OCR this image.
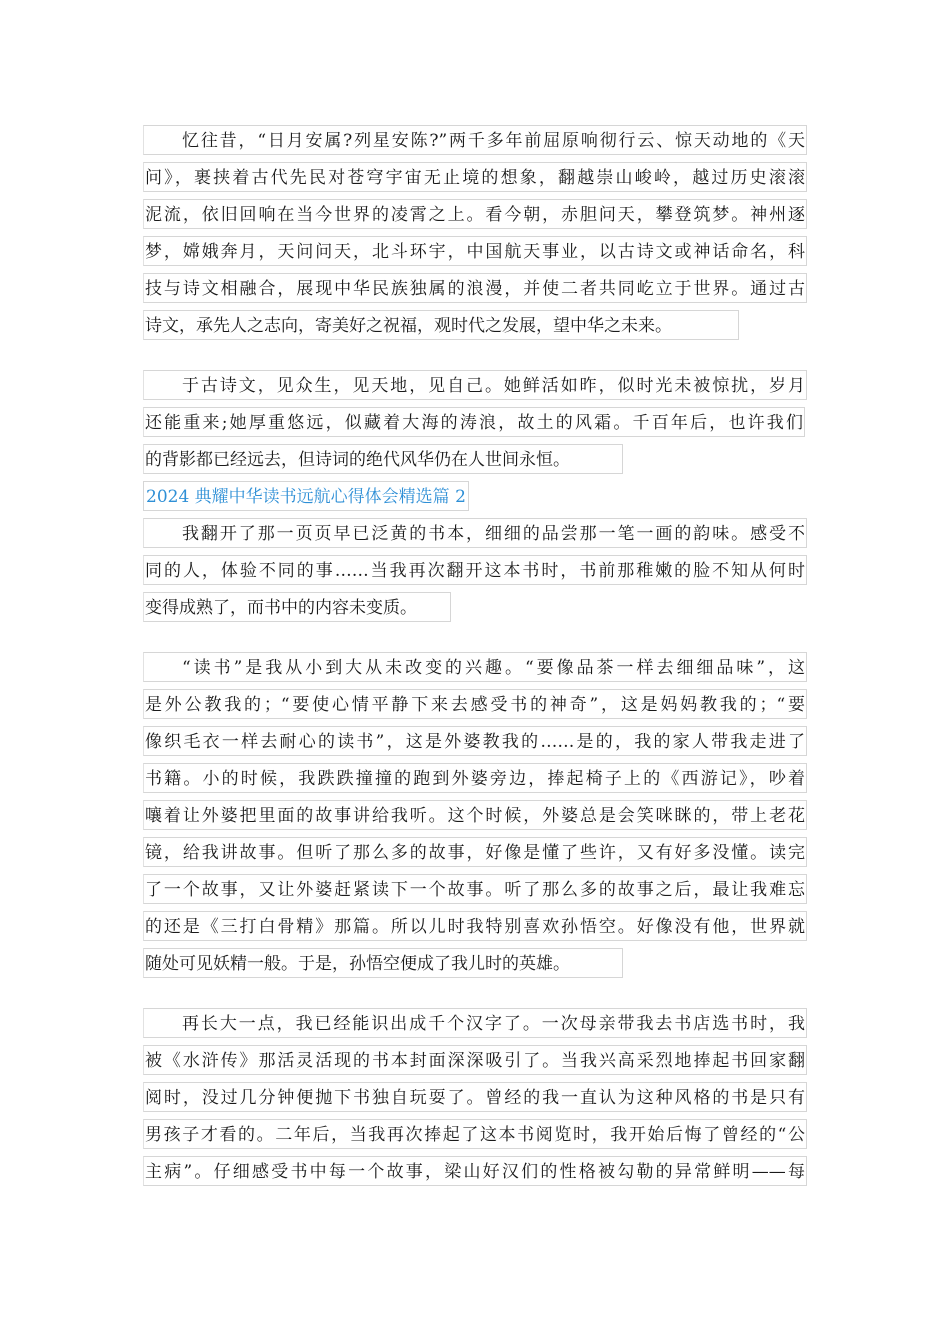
忆往昔，“日月安属?列星安陈?”两千多年前屈原响彻行云、惊天动地的《天
问》，裹挟着古代先民对苍穹宇宙无止境的想象，翻越崇山峻岭，越过历史滚滚
泥流，依旧回响在当今世界的凌霄之上。看今朝，赤胆问天，攀登筑梦。神州逐
梦，嫦娥奔月，天问问天，北斗环宇，中国航天事业，以古诗文或神话命名，科
技与诗文相融合，展现中华民族独属的浪漫，并使二者共同屹立于世界。通过古
诗文，承先人之志向，寄美好之祝福，观时代之发展，望中华之未来。
于古诗文，见众生，见天地，见自己。她鲜活如昨，似时光未被惊扰，岁月
还能重来;她厚重悠远，似藏着大海的涛浪，故土的风霜。千百年后，也许我们
的背影都已经远去，但诗词的绝代风华仍在人世间永恒。
2024 典耀中华读书远航心得体会精选篇 2
我翻开了那一页页早已泛黄的书本，细细的品尝那一笔一画的韵味。感受不
同的人，体验不同的事……当我再次翻开这本书时，书前那稚嫩的脸不知从何时
变得成熟了，而书中的内容未变质。
“读书”是我从小到大从未改变的兴趣。“要像品茶一样去细细品味”，这
是外公教我的；“要使心情平静下来去感受书的神奇”，这是妈妈教我的；“要
像织毛衣一样去耐心的读书”，这是外婆教我的……是的，我的家人带我走进了
书籍。小的时候，我跌跌撞撞的跑到外婆旁边，捧起椅子上的《西游记》，吵着
嚷着让外婆把里面的故事讲给我听。这个时候，外婆总是会笑咪眯的，带上老花
镜，给我讲故事。但听了那么多的故事，好像是懂了些许，又有好多没懂。读完
了一个故事，又让外婆赶紧读下一个故事。听了那么多的故事之后，最让我难忘
的还是《三打白骨精》那篇。所以儿时我特别喜欢孙悟空。好像没有他，世界就
随处可见妖精一般。于是，孙悟空便成了我儿时的英雄。
再长大一点，我已经能识出成千个汉字了。一次母亲带我去书店选书时，我
被《水浒传》那活灵活现的书本封面深深吸引了。当我兴高采烈地捧起书回家翻
阅时，没过几分钟便抛下书独自玩耍了。曾经的我一直认为这种风格的书是只有
男孩子才看的。二年后，当我再次捧起了这本书阅览时，我开始后悔了曾经的“公
主病”。仔细感受书中每一个故事，梁山好汉们的性格被勾勒的异常鲜明——每
